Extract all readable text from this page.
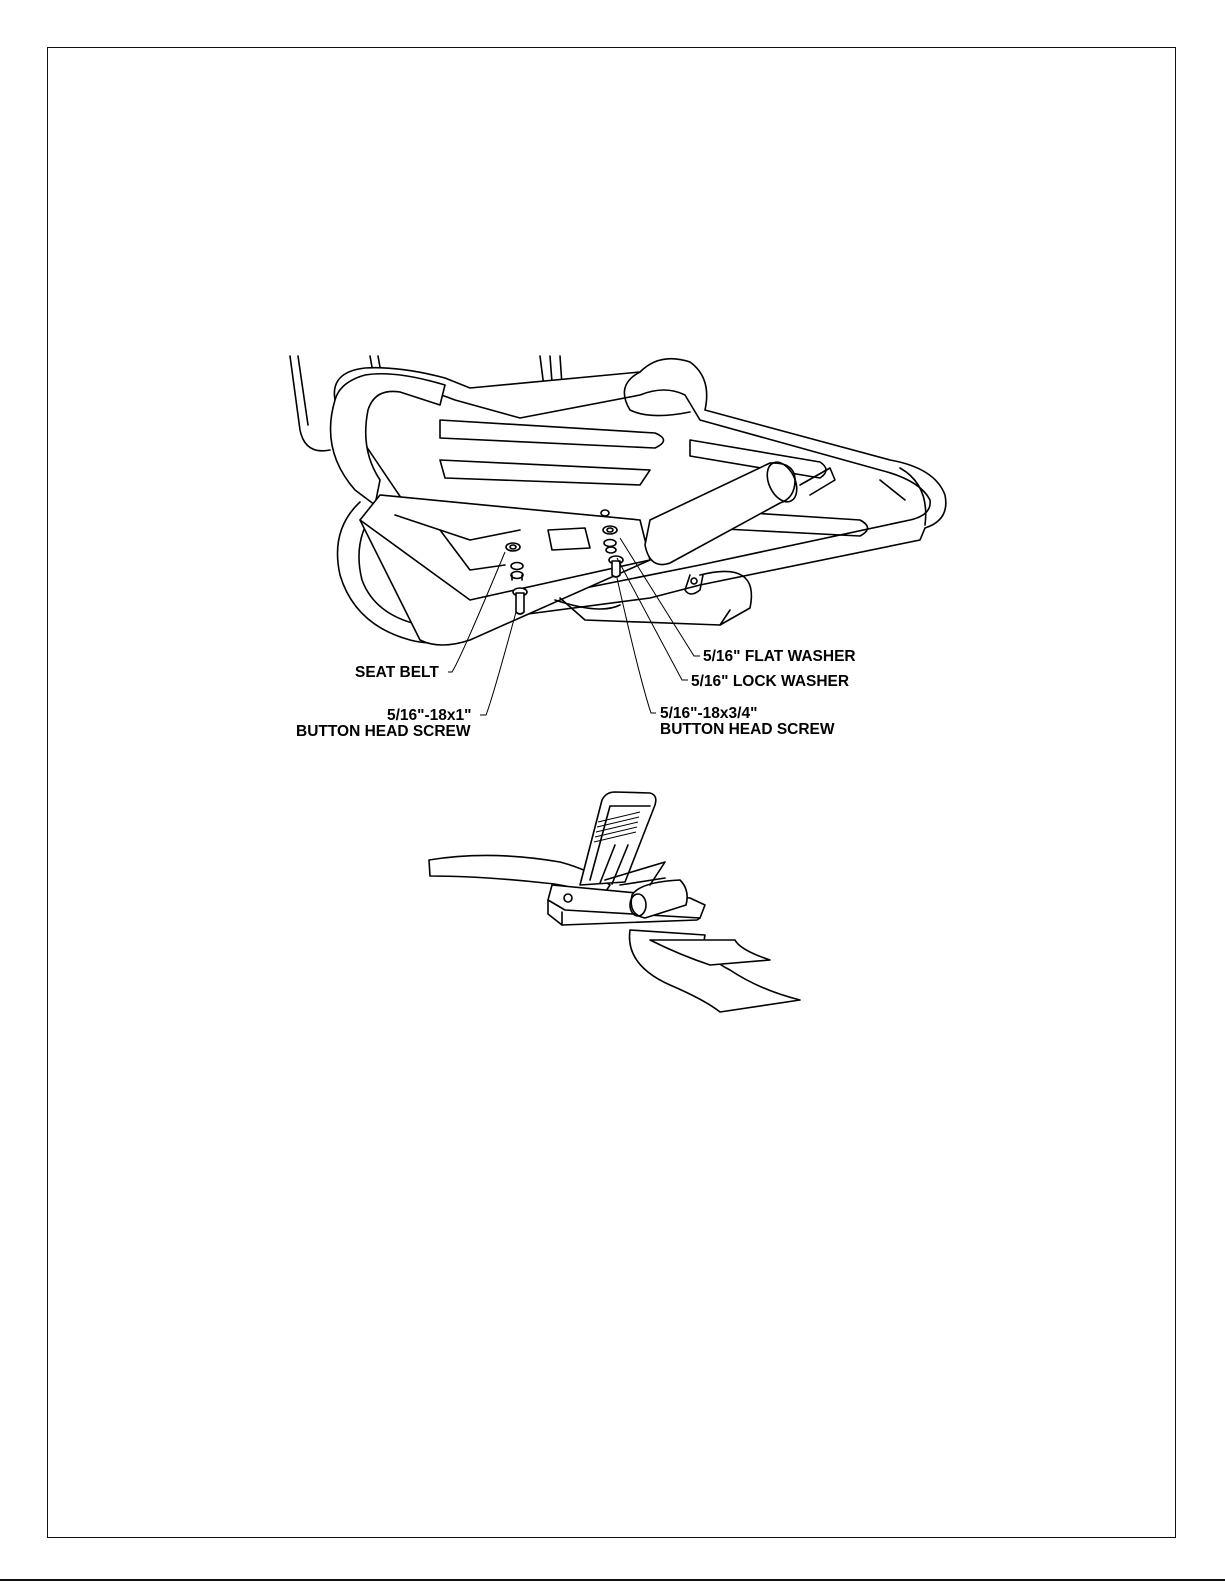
SEAT BELT
5/16"-18x1"
BUTTON HEAD SCREW
5/16" FLAT WASHER
5/16" LOCK WASHER
5/16"-18x3/4"
BUTTON HEAD SCREW
